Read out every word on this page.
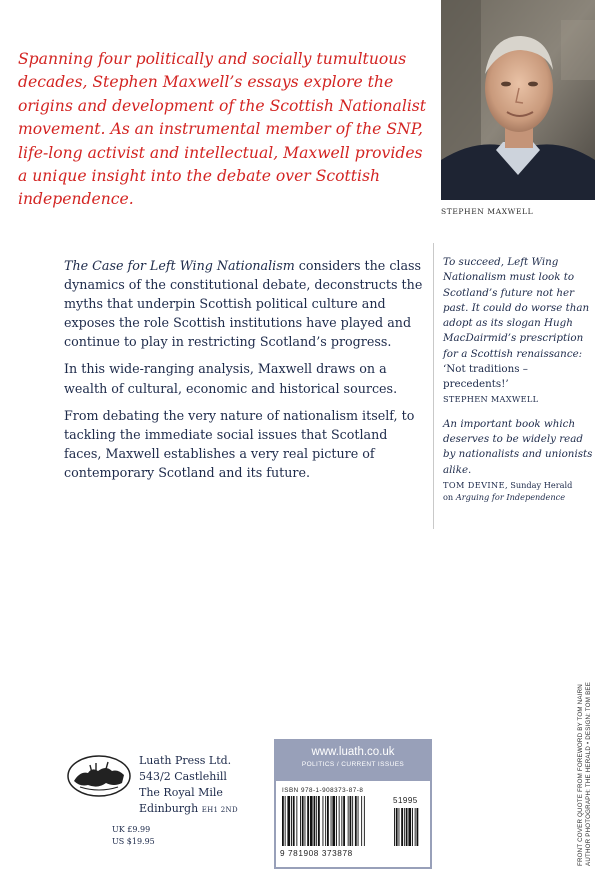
Spanning four politically and socially tumultuous decades, Stephen Maxwell’s essays explore the origins and development of the Scottish Nationalist movement. As an instrumental member of the SNP, life-long activist and intellectual, Maxwell provides a unique insight into the debate over Scottish independence.

STEPHEN MAXWELL

The Case for Left Wing Nationalism considers the class dynamics of the constitutional debate, deconstructs the myths that underpin Scottish political culture and exposes the role Scottish institutions have played and continue to play in restricting Scotland’s progress.

In this wide-ranging analysis, Maxwell draws on a wealth of cultural, economic and historical sources.

From debating the very nature of nationalism itself, to tackling the immediate social issues that Scotland faces, Maxwell establishes a very real picture of contemporary Scotland and its future.

To succeed, Left Wing Nationalism must look to Scotland’s future not her past. It could do worse than adopt as its slogan Hugh MacDairmid’s prescription for a Scottish renaissance:

‘Not traditions – precedents!’

STEPHEN MAXWELL

An important book which deserves to be widely read by nationalists and unionists alike.

TOM DEVINE, Sunday Herald
on Arguing for Independence

FRONT COVER QUOTE FROM FOREWORD BY TOM NAIRN AUTHOR PHOTOGRAPH: THE HERALD • DESIGN: TOM BEE
Luath Press Ltd.
543/2 Castlehill
The Royal Mile
Edinburgh EH1 2ND
UK £9.99
US $19.95
www.luath.co.uk
POLITICS / CURRENT ISSUES
ISBN 978-1-908373-87-8
51995
9 781908 373878
